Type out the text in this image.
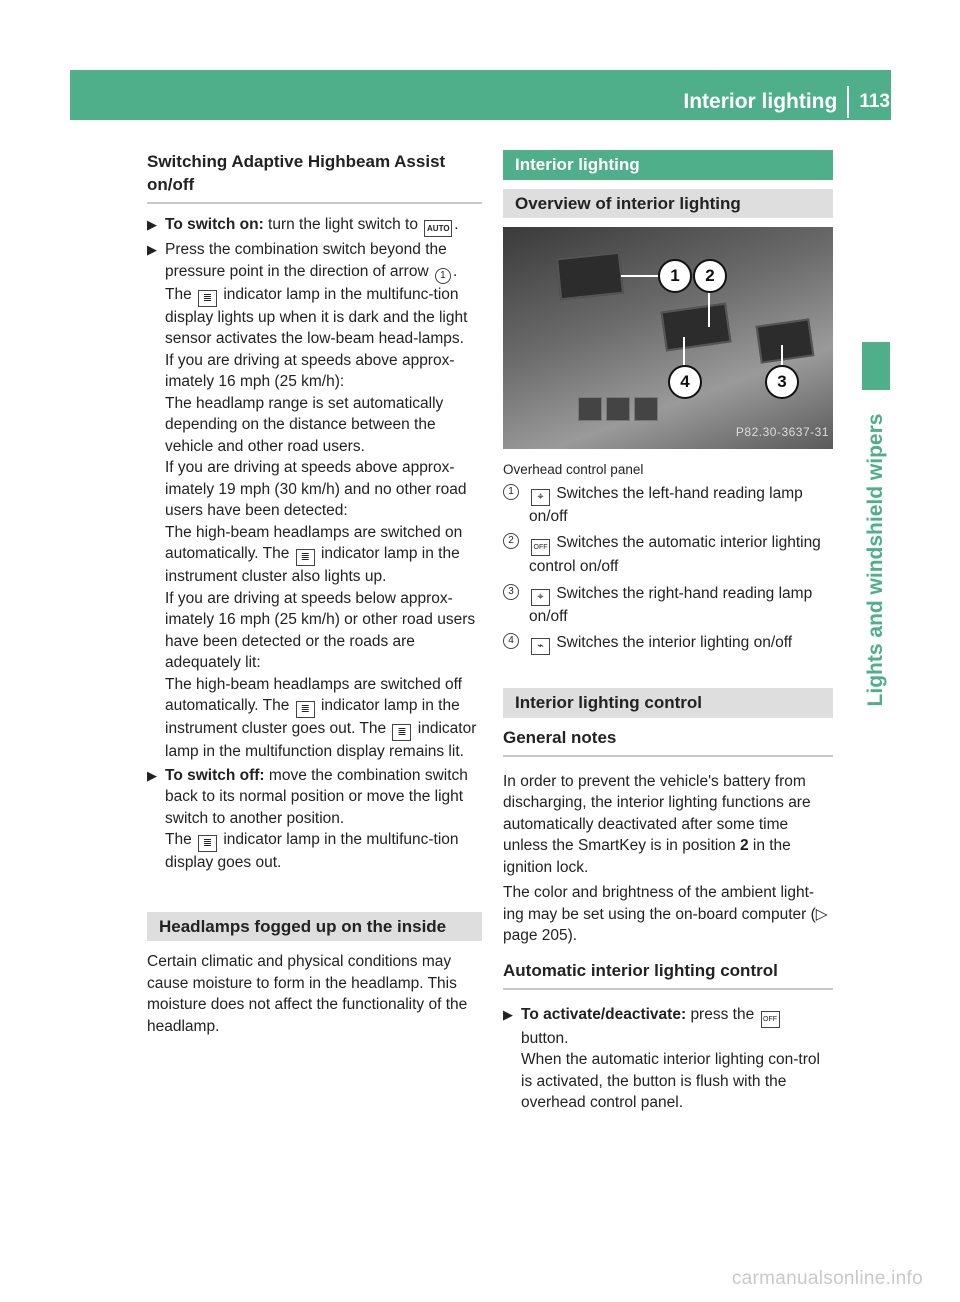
Interior lighting	113
Lights and windshield wipers
Switching Adaptive Highbeam Assist on/off
▶ To switch on: turn the light switch to AUTO .

▶ Press the combination switch beyond the pressure point in the direction of arrow 1 . The ≣ indicator lamp in the multifunc-tion display lights up when it is dark and the light sensor activates the low-beam head-lamps.

If you are driving at speeds above approx-imately 16 mph (25 km/h):

The headlamp range is set automatically depending on the distance between the vehicle and other road users.

If you are driving at speeds above approx-imately 19 mph (30 km/h) and no other road users have been detected:

The high-beam headlamps are switched on automatically. The ≣ indicator lamp in the instrument cluster also lights up.

If you are driving at speeds below approx-imately 16 mph (25 km/h) or other road users have been detected or the roads are adequately lit:

The high-beam headlamps are switched off automatically. The ≣ indicator lamp in the instrument cluster goes out. The ≣ indicator lamp in the multifunction display remains lit.

▶ To switch off: move the combination switch back to its normal position or move the light switch to another position.

The ≣ indicator lamp in the multifunc-tion display goes out.

Headlamps fogged up on the inside

Certain climatic and physical conditions may cause moisture to form in the headlamp. This moisture does not affect the functionality of the headlamp.

Interior lighting
Overview of interior lighting
1	2
3
4
P82.30-3637-31

Overhead control panel

1	⌖ Switches the left-hand reading lamp on/off
2
OFF Switches the automatic interior lighting control on/off
3	⌖ Switches the right-hand reading lamp on/off
4	⌁ Switches the interior lighting on/off
Interior lighting control
General notes

In order to prevent the vehicle's battery from discharging, the interior lighting functions are automatically deactivated after some time unless the SmartKey is in position 2 in the ignition lock.

The color and brightness of the ambient light-ing may be set using the on-board computer (▷ page 205).

Automatic interior lighting control
▶ To activate/deactivate: press the OFF

button.

When the automatic interior lighting con-trol is activated, the button is flush with the overhead control panel.

carmanualsonline.info
